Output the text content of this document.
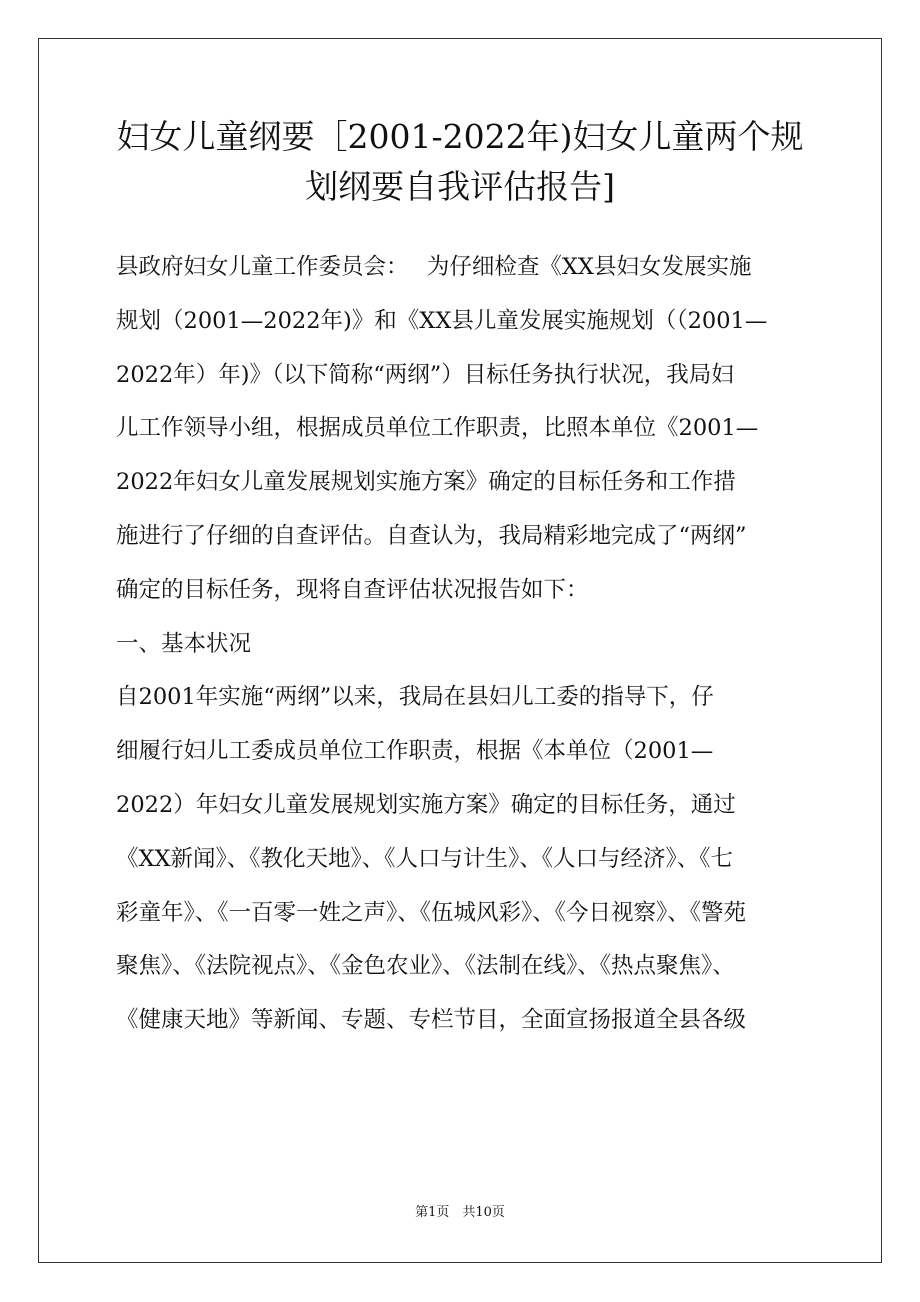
妇女儿童纲要［2001-2022年)妇女儿童两个规
划纲要自我评估报告]
县政府妇女儿童工作委员会：　 为仔细检查《XX县妇女发展实施
规划（2001—2022年)》和《XX县儿童发展实施规划（（2001—
2022年）年)》（以下简称“两纲”）目标任务执行状况，我局妇
儿工作领导小组，根据成员单位工作职责，比照本单位《2001—
2022年妇女儿童发展规划实施方案》确定的目标任务和工作措
施进行了仔细的自查评估。自查认为，我局精彩地完成了“两纲”
确定的目标任务，现将自查评估状况报告如下：
一、基本状况
自2001年实施“两纲”以来，我局在县妇儿工委的指导下，仔
细履行妇儿工委成员单位工作职责，根据《本单位（2001—
2022）年妇女儿童发展规划实施方案》确定的目标任务，通过
《XX新闻》、《教化天地》、《人口与计生》、《人口与经济》、《七
彩童年》、《一百零一姓之声》、《伍城风彩》、《今日视察》、《警苑
聚焦》、《法院视点》、《金色农业》、《法制在线》、《热点聚焦》、
《健康天地》等新闻、专题、专栏节目，全面宣扬报道全县各级
第1页　共10页
